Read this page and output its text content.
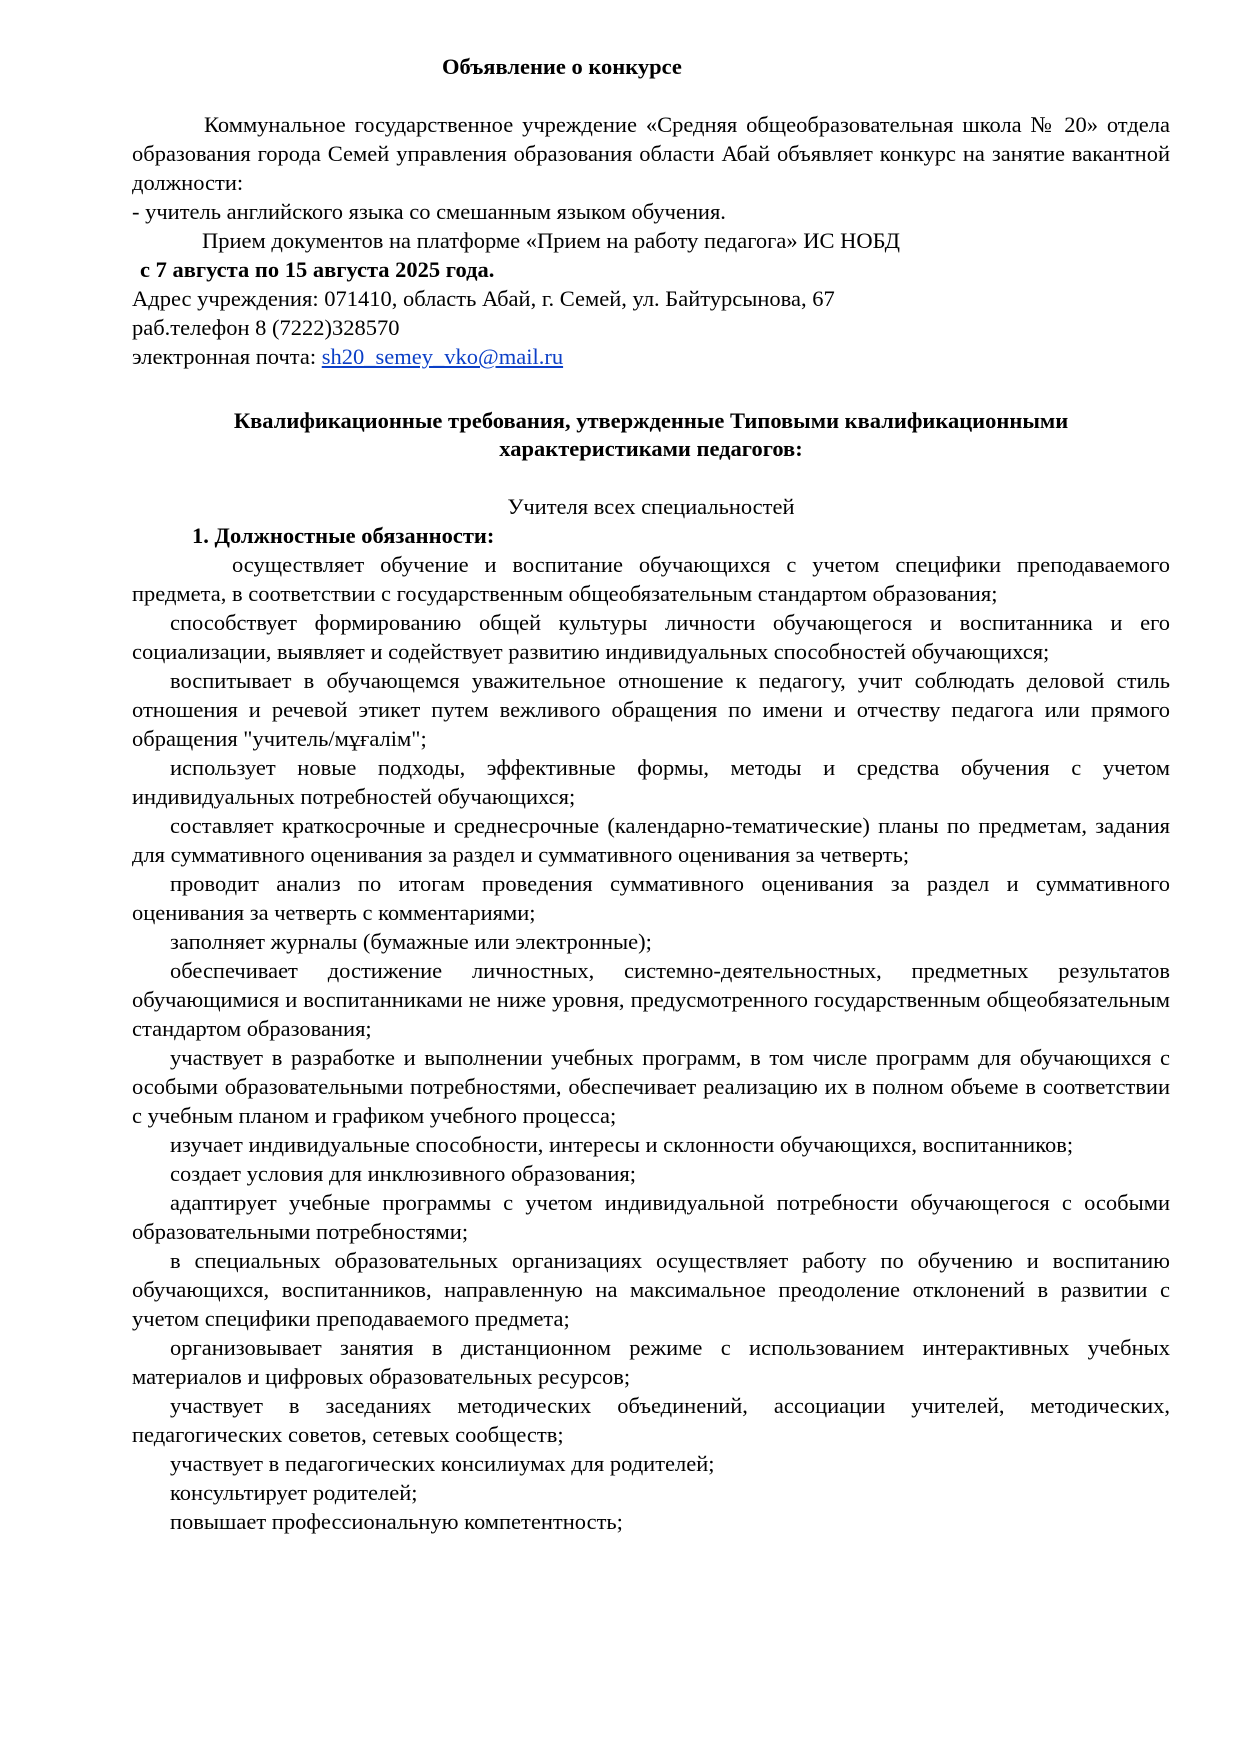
Объявление о конкурсе

Коммунальное государственное учреждение «Средняя общеобразовательная школа № 20» отдела образования города Семей управления образования области Абай объявляет конкурс на занятие вакантной должности:

- учитель английского языка со смешанным языком обучения.

Прием документов на платформе «Прием на работу педагога» ИС НОБД

с 7 августа по 15 августа 2025 года.

Адрес учреждения: 071410, область Абай, г. Семей, ул. Байтурсынова, 67

раб.телефон 8 (7222)328570

электронная почта: sh20_semey_vko@mail.ru

Квалификационные требования, утвержденные Типовыми квалификационными
характеристиками педагогов:

Учителя всех специальностей

1. Должностные обязанности:

осуществляет обучение и воспитание обучающихся с учетом специфики преподаваемого предмета, в соответствии с государственным общеобязательным стандартом образования;

способствует формированию общей культуры личности обучающегося и воспитанника и его социализации, выявляет и содействует развитию индивидуальных способностей обучающихся;

воспитывает в обучающемся уважительное отношение к педагогу, учит соблюдать деловой стиль отношения и речевой этикет путем вежливого обращения по имени и отчеству педагога или прямого обращения "учитель/мұғалім";

использует новые подходы, эффективные формы, методы и средства обучения с учетом индивидуальных потребностей обучающихся;

составляет краткосрочные и среднесрочные (календарно-тематические) планы по предметам, задания для суммативного оценивания за раздел и суммативного оценивания за четверть;

проводит анализ по итогам проведения суммативного оценивания за раздел и суммативного оценивания за четверть с комментариями;

заполняет журналы (бумажные или электронные);

обеспечивает достижение личностных, системно-деятельностных, предметных результатов обучающимися и воспитанниками не ниже уровня, предусмотренного государственным общеобязательным стандартом образования;

участвует в разработке и выполнении учебных программ, в том числе программ для обучающихся с особыми образовательными потребностями, обеспечивает реализацию их в полном объеме в соответствии с учебным планом и графиком учебного процесса;

изучает индивидуальные способности, интересы и склонности обучающихся, воспитанников;

создает условия для инклюзивного образования;

адаптирует учебные программы с учетом индивидуальной потребности обучающегося с особыми образовательными потребностями;

в специальных образовательных организациях осуществляет работу по обучению и воспитанию обучающихся, воспитанников, направленную на максимальное преодоление отклонений в развитии с учетом специфики преподаваемого предмета;

организовывает занятия в дистанционном режиме с использованием интерактивных учебных материалов и цифровых образовательных ресурсов;

участвует в заседаниях методических объединений, ассоциации учителей, методических, педагогических советов, сетевых сообществ;

участвует в педагогических консилиумах для родителей;

консультирует родителей;

повышает профессиональную компетентность;
